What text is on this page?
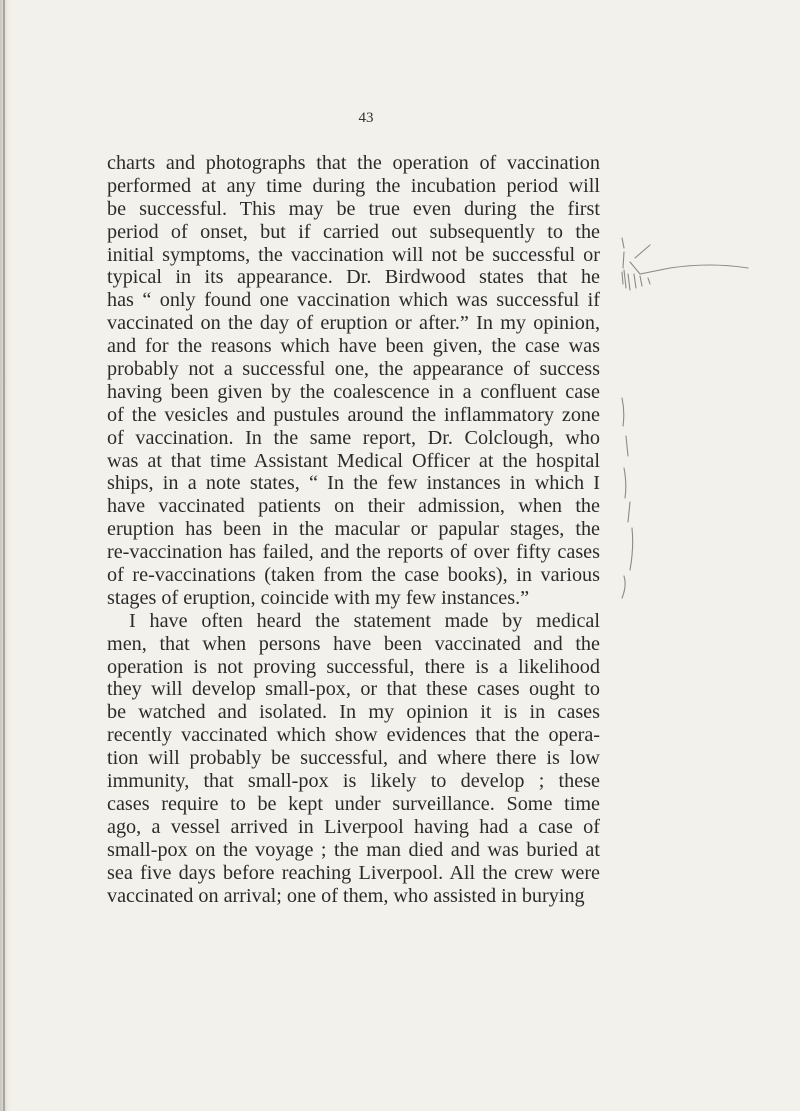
43
charts and photographs that the operation of vaccination
performed at any time during the incubation period will
be successful. This may be true even during the first
period of onset, but if carried out subsequently to the
initial symptoms, the vaccination will not be successful or
typical in its appearance. Dr. Birdwood states that he
has “ only found one vaccination which was successful if
vaccinated on the day of eruption or after.” In my opinion,
and for the reasons which have been given, the case was
probably not a successful one, the appearance of success
having been given by the coalescence in a confluent case
of the vesicles and pustules around the inflammatory zone
of vaccination. In the same report, Dr. Colclough, who
was at that time Assistant Medical Officer at the hospital
ships, in a note states, “ In the few instances in which I
have vaccinated patients on their admission, when the
eruption has been in the macular or papular stages, the
re-vaccination has failed, and the reports of over fifty cases
of re-vaccinations (taken from the case books), in various
stages of eruption, coincide with my few instances.”
I have often heard the statement made by medical
men, that when persons have been vaccinated and the
operation is not proving successful, there is a likelihood
they will develop small-pox, or that these cases ought to
be watched and isolated. In my opinion it is in cases
recently vaccinated which show evidences that the opera-
tion will probably be successful, and where there is low
immunity, that small-pox is likely to develop ; these
cases require to be kept under surveillance. Some time
ago, a vessel arrived in Liverpool having had a case of
small-pox on the voyage ; the man died and was buried at
sea five days before reaching Liverpool. All the crew were
vaccinated on arrival; one of them, who assisted in burying
